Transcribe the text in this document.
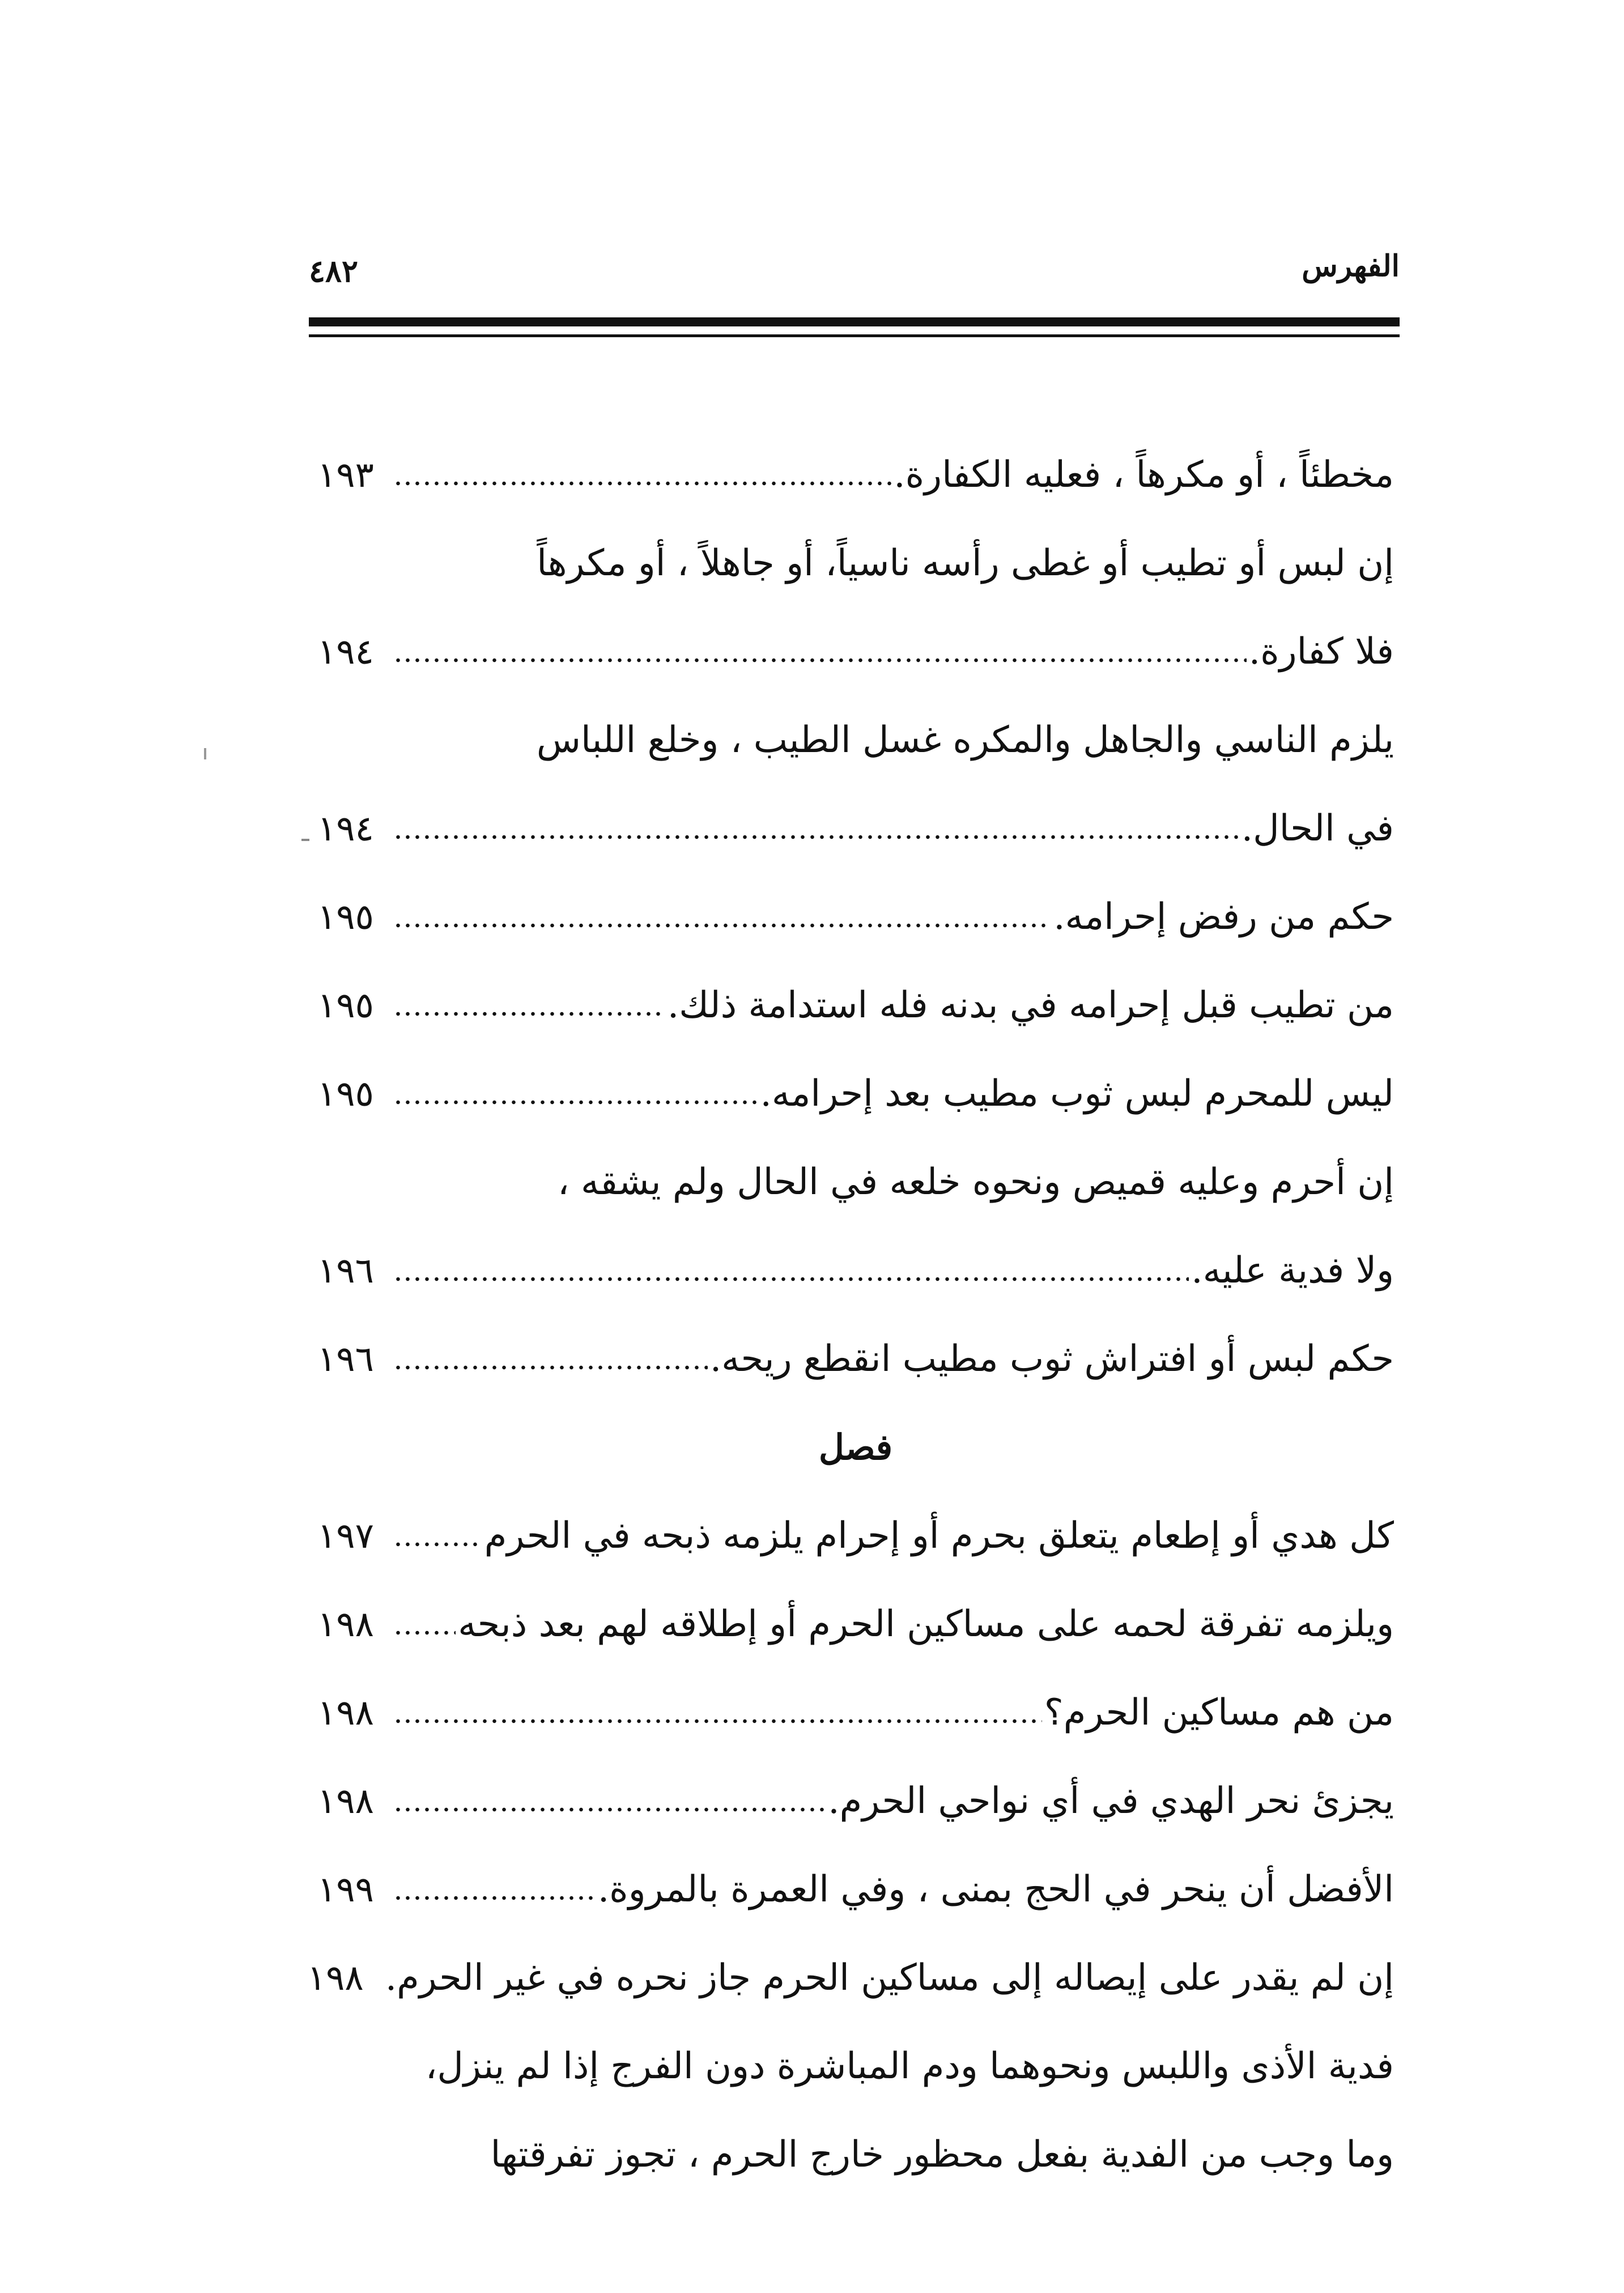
الفهرس
٤٨٢
مخطئاً ، أو مكرهاً ، فعليه الكفارة.
١٩٣
إن لبس أو تطيب أو غطى رأسه ناسياً، أو جاهلاً ، أو مكرهاً
فلا كفارة.
١٩٤
يلزم الناسي والجاهل والمكره غسل الطيب ، وخلع اللباس
في الحال.
١٩٤
حكم من رفض إحرامه.
١٩٥
من تطيب قبل إحرامه في بدنه فله استدامة ذلك.
١٩٥
ليس للمحرم لبس ثوب مطيب بعد إحرامه.
١٩٥
إن أحرم وعليه قميص ونحوه خلعه في الحال ولم يشقه ،
ولا فدية عليه.
١٩٦
حكم لبس أو افتراش ثوب مطيب انقطع ريحه.
١٩٦
فصل
كل هدي أو إطعام يتعلق بحرم أو إحرام يلزمه ذبحه في الحرم
١٩٧
ويلزمه تفرقة لحمه على مساكين الحرم أو إطلاقه لهم بعد ذبحه
١٩٨
من هم مساكين الحرم؟
١٩٨
يجزئ نحر الهدي في أي نواحي الحرم.
١٩٨
الأفضل أن ينحر في الحج بمنى ، وفي العمرة بالمروة.
١٩٩
إن لم يقدر على إيصاله إلى مساكين الحرم جاز نحره في غير الحرم.
١٩٨
فدية الأذى واللبس ونحوهما ودم المباشرة دون الفرج إذا لم ينزل،
وما وجب من الفدية بفعل محظور خارج الحرم ، تجوز تفرقتها
